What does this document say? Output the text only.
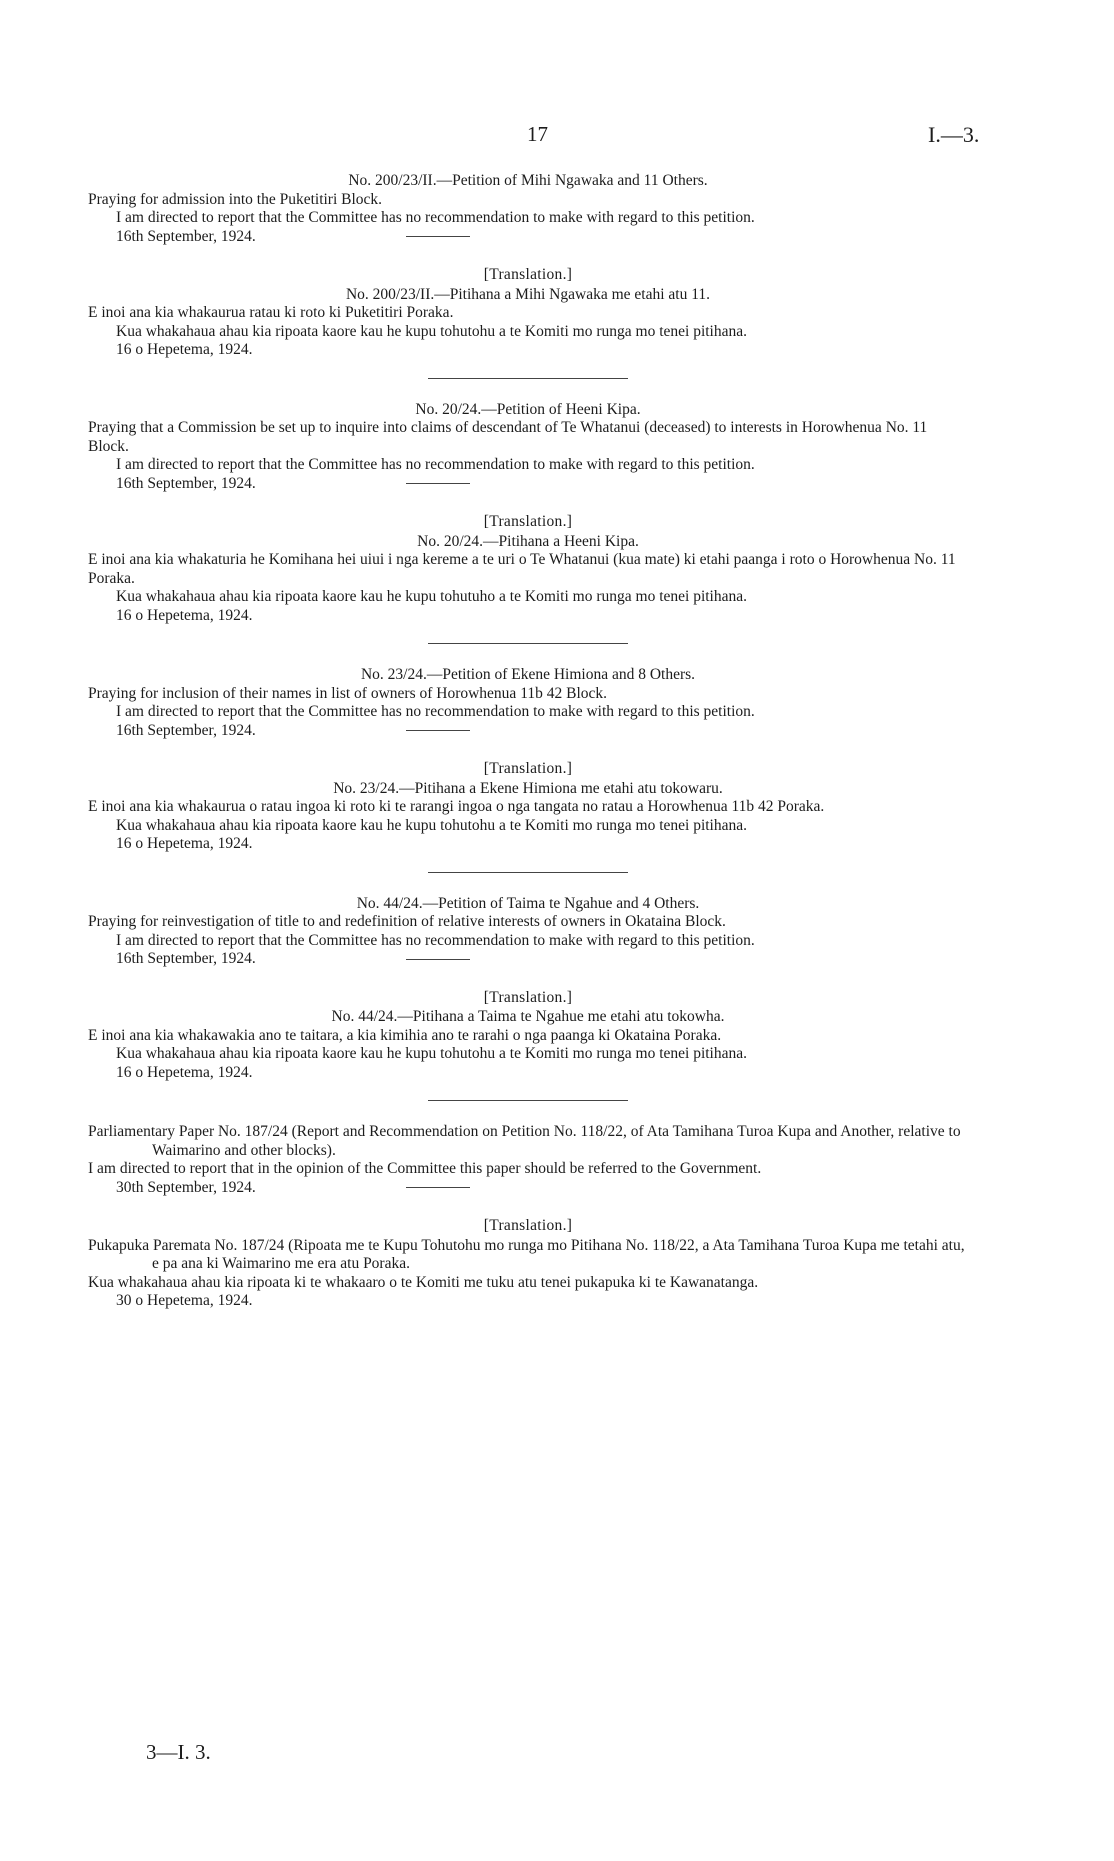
17	I.—3.

No. 200/23/II.—Petition of Mihi Ngawaka and 11 Others.

Praying for admission into the Puketitiri Block.

I am directed to report that the Committee has no recommendation to make with regard to this petition.

16th September, 1924.

[Translation.]

No. 200/23/II.—Pitihana a Mihi Ngawaka me etahi atu 11.

E inoi ana kia whakaurua ratau ki roto ki Puketitiri Poraka.

Kua whakahaua ahau kia ripoata kaore kau he kupu tohutohu a te Komiti mo runga mo tenei pitihana.

16 o Hepetema, 1924.

No. 20/24.—Petition of Heeni Kipa.

Praying that a Commission be set up to inquire into claims of descendant of Te Whatanui (deceased) to interests in Horowhenua No. 11 Block.

I am directed to report that the Committee has no recommendation to make with regard to this petition.

16th September, 1924.

[Translation.]

No. 20/24.—Pitihana a Heeni Kipa.

E inoi ana kia whakaturia he Komihana hei uiui i nga kereme a te uri o Te Whatanui (kua mate) ki etahi paanga i roto o Horowhenua No. 11 Poraka.

Kua whakahaua ahau kia ripoata kaore kau he kupu tohutuho a te Komiti mo runga mo tenei pitihana.

16 o Hepetema, 1924.

No. 23/24.—Petition of Ekene Himiona and 8 Others.

Praying for inclusion of their names in list of owners of Horowhenua 11b 42 Block.

I am directed to report that the Committee has no recommendation to make with regard to this petition.

16th September, 1924.

[Translation.]

No. 23/24.—Pitihana a Ekene Himiona me etahi atu tokowaru.

E inoi ana kia whakaurua o ratau ingoa ki roto ki te rarangi ingoa o nga tangata no ratau a Horowhenua 11b 42 Poraka.

Kua whakahaua ahau kia ripoata kaore kau he kupu tohutohu a te Komiti mo runga mo tenei pitihana.

16 o Hepetema, 1924.

No. 44/24.—Petition of Taima te Ngahue and 4 Others.

Praying for reinvestigation of title to and redefinition of relative interests of owners in Okataina Block.

I am directed to report that the Committee has no recommendation to make with regard to this petition.

16th September, 1924.

[Translation.]

No. 44/24.—Pitihana a Taima te Ngahue me etahi atu tokowha.

E inoi ana kia whakawakia ano te taitara, a kia kimihia ano te rarahi o nga paanga ki Okataina Poraka.

Kua whakahaua ahau kia ripoata kaore kau he kupu tohutohu a te Komiti mo runga mo tenei pitihana.

16 o Hepetema, 1924.

Parliamentary Paper No. 187/24 (Report and Recommendation on Petition No. 118/22, of Ata Tamihana Turoa Kupa and Another, relative to Waimarino and other blocks).

I am directed to report that in the opinion of the Committee this paper should be referred to the Government.

30th September, 1924.

[Translation.]

Pukapuka Paremata No. 187/24 (Ripoata me te Kupu Tohutohu mo runga mo Pitihana No. 118/22, a Ata Tamihana Turoa Kupa me tetahi atu, e pa ana ki Waimarino me era atu Poraka.

Kua whakahaua ahau kia ripoata ki te whakaaro o te Komiti me tuku atu tenei pukapuka ki te Kawanatanga.

30 o Hepetema, 1924.

3—I. 3.
